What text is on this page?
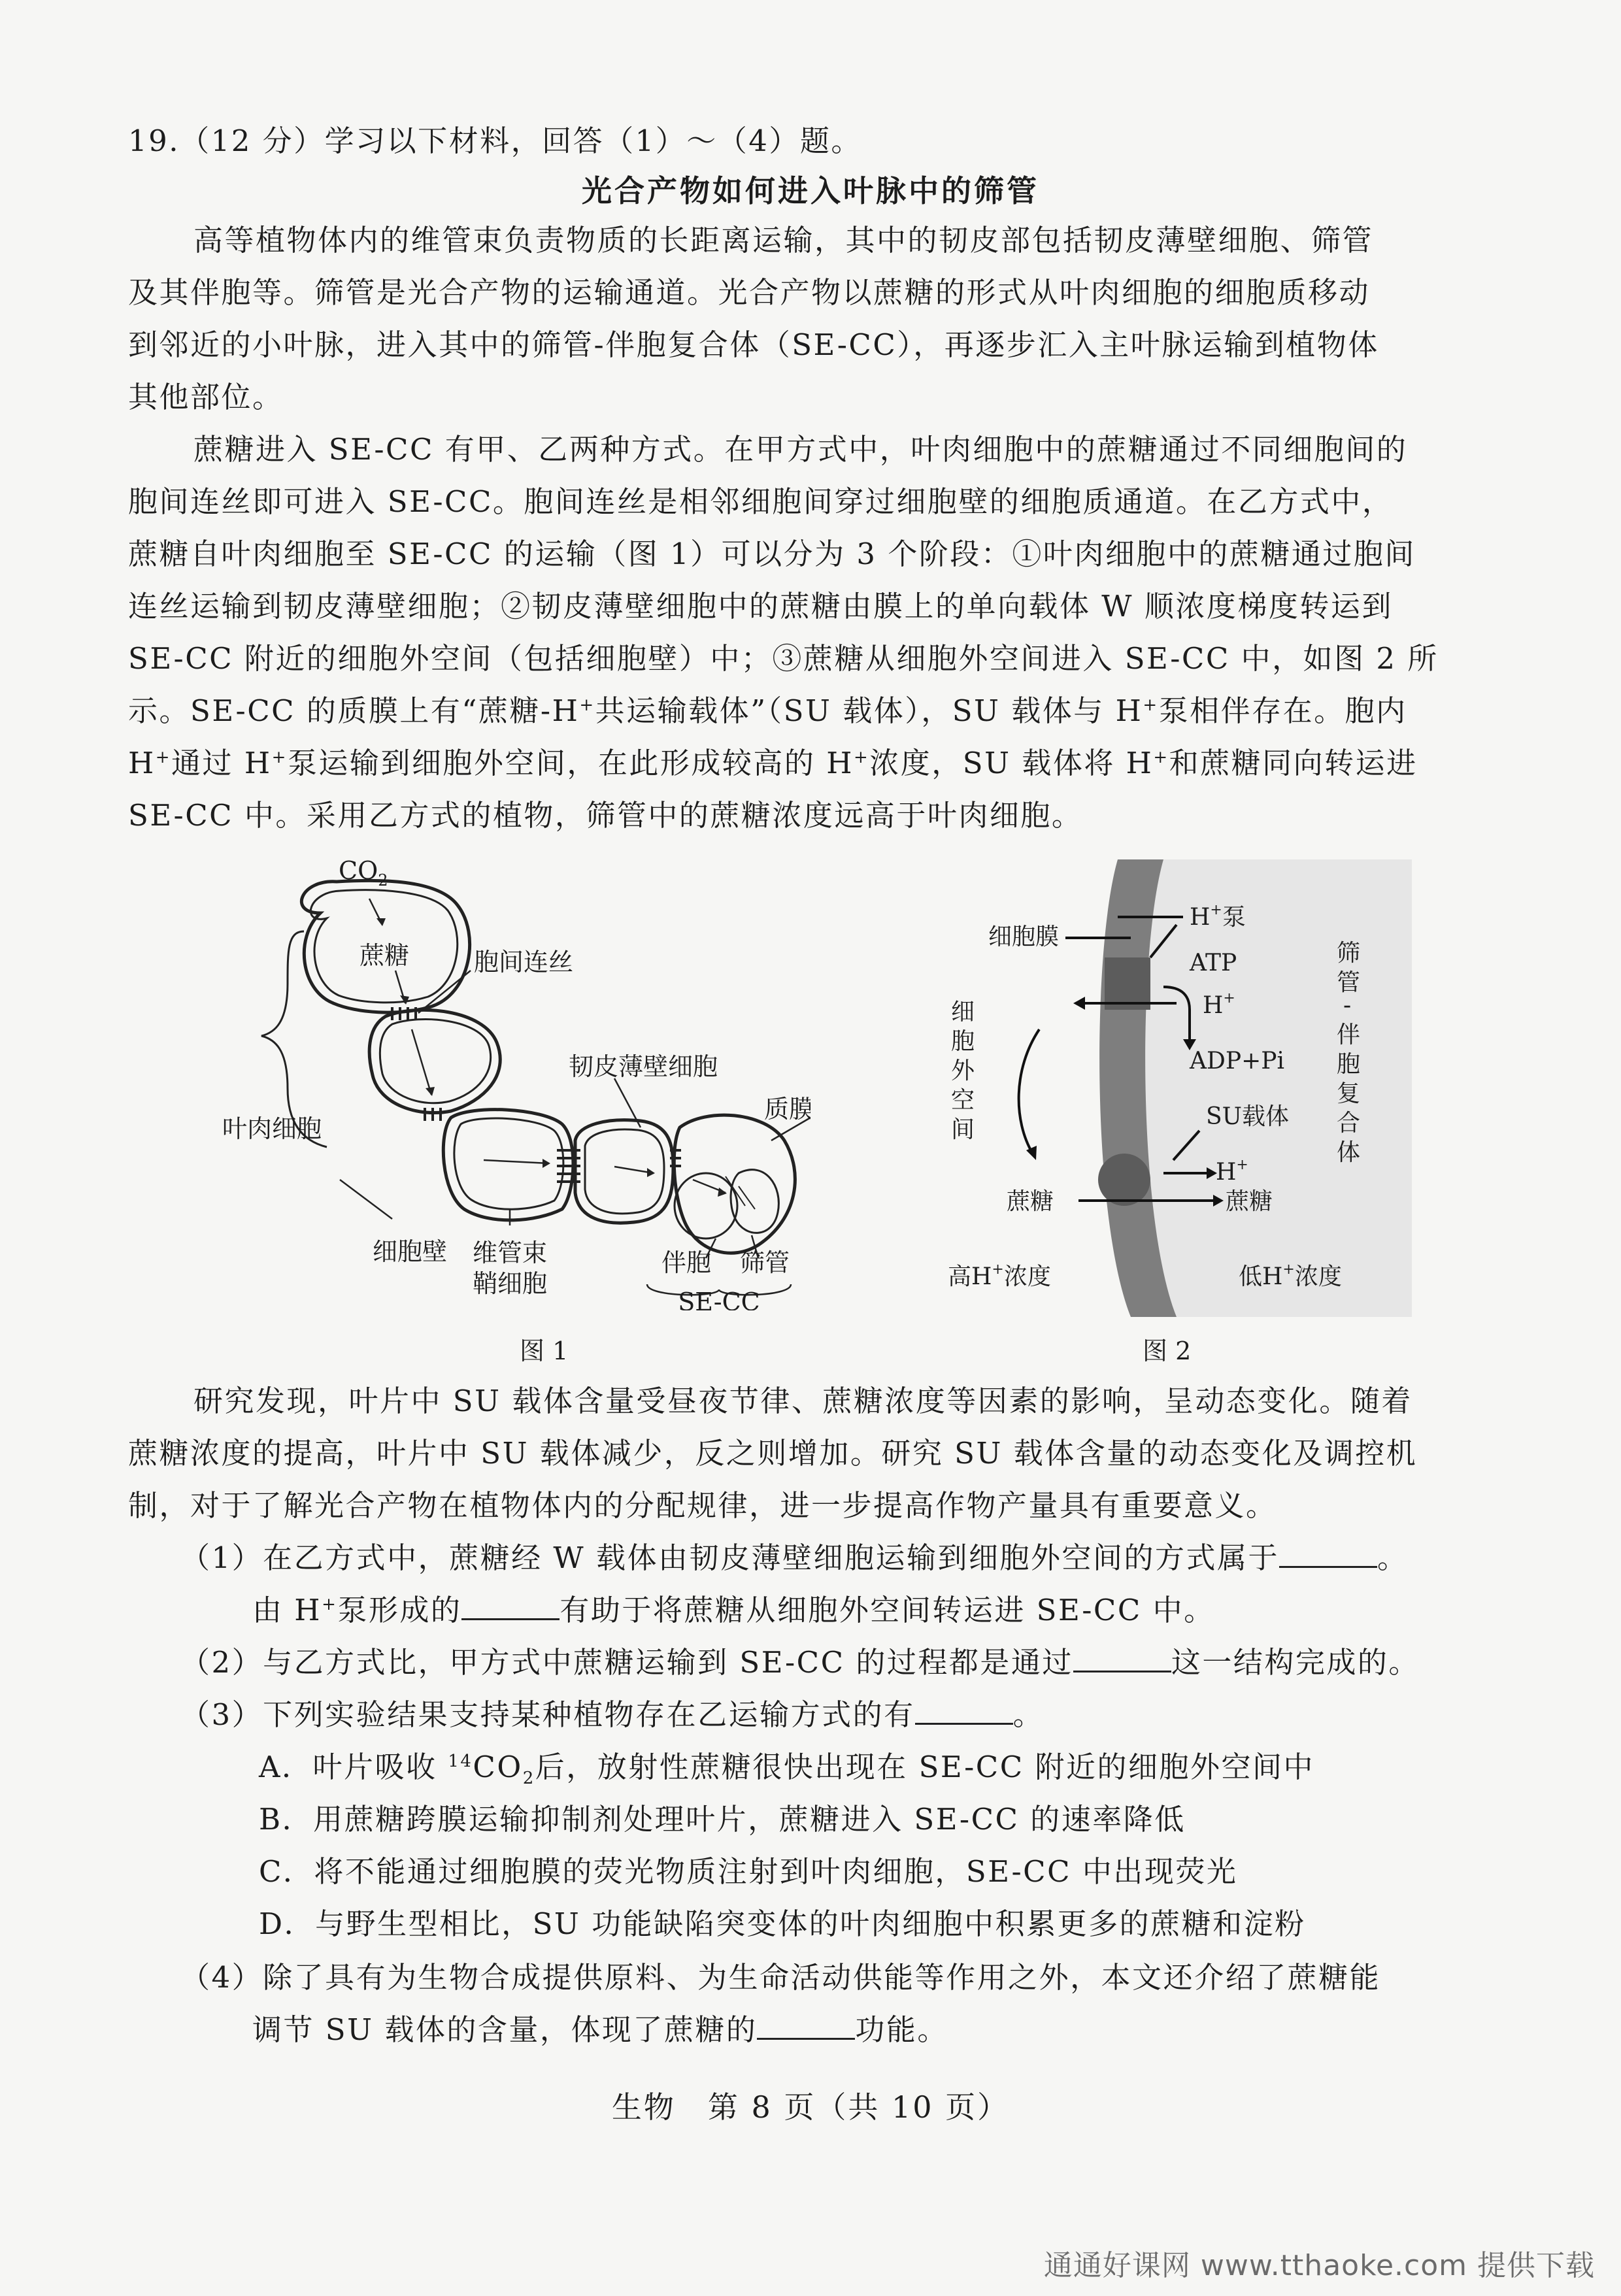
19.（12 分）学习以下材料，回答（1）～（4）题。
光合产物如何进入叶脉中的筛管
高等植物体内的维管束负责物质的长距离运输，其中的韧皮部包括韧皮薄壁细胞、筛管
及其伴胞等。筛管是光合产物的运输通道。光合产物以蔗糖的形式从叶肉细胞的细胞质移动
到邻近的小叶脉，进入其中的筛管-伴胞复合体（SE-CC），再逐步汇入主叶脉运输到植物体
其他部位。
蔗糖进入 SE-CC 有甲、乙两种方式。在甲方式中，叶肉细胞中的蔗糖通过不同细胞间的
胞间连丝即可进入 SE-CC。胞间连丝是相邻细胞间穿过细胞壁的细胞质通道。在乙方式中，
蔗糖自叶肉细胞至 SE-CC 的运输（图 1）可以分为 3 个阶段：①叶肉细胞中的蔗糖通过胞间
连丝运输到韧皮薄壁细胞；②韧皮薄壁细胞中的蔗糖由膜上的单向载体 W 顺浓度梯度转运到
SE-CC 附近的细胞外空间（包括细胞壁）中；③蔗糖从细胞外空间进入 SE-CC 中，如图 2 所
示。SE-CC 的质膜上有“蔗糖-H+共运输载体”（SU 载体），SU 载体与 H+泵相伴存在。胞内
H+通过 H+泵运输到细胞外空间，在此形成较高的 H+浓度，SU 载体将 H+和蔗糖同向转运进
SE-CC 中。采用乙方式的植物，筛管中的蔗糖浓度远高于叶肉细胞。
$CO_2$
蔗糖	胞间连丝
韧皮薄壁细胞
质膜
叶肉细胞
细胞壁 维管束
鞘细胞
伴胞 筛管
SE-CC
图 1
H+泵
细胞膜
ATP
H+
ADP+Pi
SU载体
H+
蔗糖	蔗糖
细
胞
外
空
间
筛
管
-
伴
胞
复
合
体
高H+浓度	低H+浓度
图 2
研究发现，叶片中 SU 载体含量受昼夜节律、蔗糖浓度等因素的影响，呈动态变化。随着
蔗糖浓度的提高，叶片中 SU 载体减少，反之则增加。研究 SU 载体含量的动态变化及调控机
制，对于了解光合产物在植物体内的分配规律，进一步提高作物产量具有重要意义。
（1）在乙方式中，蔗糖经 W 载体由韧皮薄壁细胞运输到细胞外空间的方式属于	。
由 H+泵形成的	有助于将蔗糖从细胞外空间转运进 SE-CC 中。
（2）与乙方式比，甲方式中蔗糖运输到 SE-CC 的过程都是通过	这一结构完成的。
（3）下列实验结果支持某种植物存在乙运输方式的有	。
A．叶片吸收 $^{14}CO_2$后，放射性蔗糖很快出现在 SE-CC 附近的细胞外空间中
B．用蔗糖跨膜运输抑制剂处理叶片，蔗糖进入 SE-CC 的速率降低
C．将不能通过细胞膜的荧光物质注射到叶肉细胞，SE-CC 中出现荧光
D．与野生型相比，SU 功能缺陷突变体的叶肉细胞中积累更多的蔗糖和淀粉
（4）除了具有为生物合成提供原料、为生命活动供能等作用之外，本文还介绍了蔗糖能
调节 SU 载体的含量，体现了蔗糖的	功能。
生物　第 8 页（共 10 页）
通通好课网 www.tthaoke.com 提供下载
